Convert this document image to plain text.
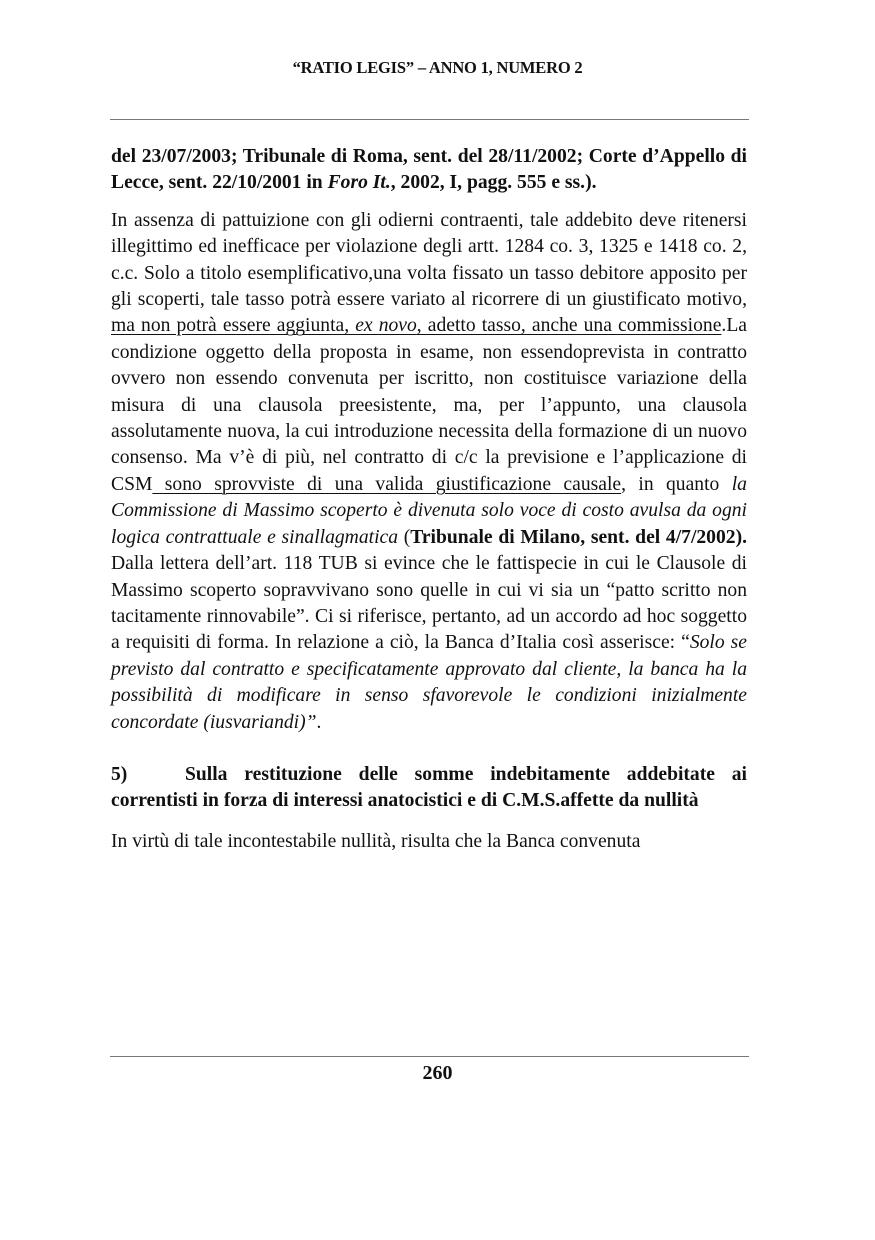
“RATIO LEGIS” – ANNO 1, NUMERO 2

del 23/07/2003; Tribunale di Roma, sent. del 28/11/2002; Corte d’Appello di Lecce, sent. 22/10/2001 in Foro It., 2002, I, pagg. 555 e ss.).

In assenza di pattuizione con gli odierni contraenti, tale addebito deve ritenersi illegittimo ed inefficace per violazione degli artt. 1284 co. 3, 1325 e 1418 co. 2, c.c. Solo a titolo esemplificativo,una volta fissato un tasso debitore apposito per gli scoperti, tale tasso potrà essere variato al ricorrere di un giustificato motivo, ma non potrà essere aggiunta, ex novo, adetto tasso, anche una commissione.La condizione oggetto della proposta in esame, non essendoprevista in contratto ovvero non essendo convenuta per iscritto, non costituisce variazione della misura di una clausola preesistente, ma, per l’appunto, una clausola assolutamente nuova, la cui introduzione necessita della formazione di un nuovo consenso. Ma v’è di più, nel contratto di c/c la previsione e l’applicazione di CSM sono sprovviste di una valida giustificazione causale, in quanto la Commissione di Massimo scoperto è divenuta solo voce di costo avulsa da ogni logica contrattuale e sinallagmatica (Tribunale di Milano, sent. del 4/7/2002). Dalla lettera dell’art. 118 TUB si evince che le fattispecie in cui le Clausole di Massimo scoperto sopravvivano sono quelle in cui vi sia un “patto scritto non tacitamente rinnovabile”. Ci si riferisce, pertanto, ad un accordo ad hoc soggetto a requisiti di forma. In relazione a ciò, la Banca d’Italia così asserisce: “Solo se previsto dal contratto e specificatamente approvato dal cliente, la banca ha la possibilità di modificare in senso sfavorevole le condizioni inizialmente concordate (iusvariandi)”.

5)	Sulla restituzione delle somme indebitamente addebitate ai correntisti in forza di interessi anatocistici e di C.M.S.affette da nullità

In virtù di tale incontestabile nullità, risulta che la Banca convenuta

260
